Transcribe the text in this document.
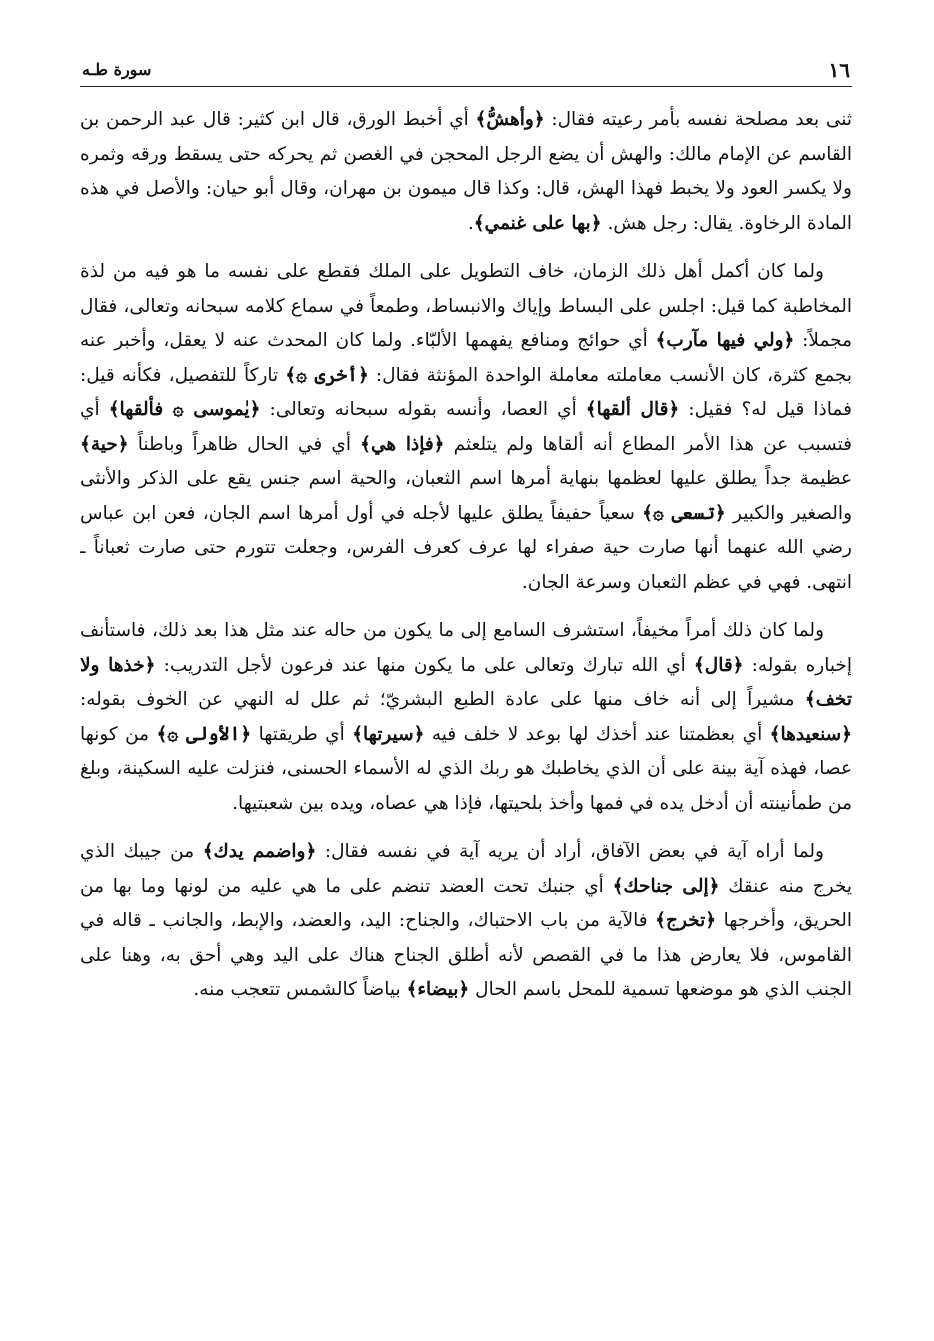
١٦
سورة طـه

ثنى بعد مصلحة نفسه بأمر رعيته فقال: ﴿وأهشُّ﴾ أي أخبط الورق، قال ابن كثير: قال عبد الرحمن بن القاسم عن الإمام مالك: والهش أن يضع الرجل المحجن في الغصن ثم يحركه حتى يسقط ورقه وثمره ولا يكسر العود ولا يخبط فهذا الهش، قال: وكذا قال ميمون بن مهران، وقال أبو حيان: والأصل في هذه المادة الرخاوة. يقال: رجل هش. ﴿بها على غنمي﴾.

ولما كان أكمل أهل ذلك الزمان، خاف التطويل على الملك فقطع على نفسه ما هو فيه من لذة المخاطبة كما قيل: اجلس على البساط وإياك والانبساط، وطمعاً في سماع كلامه سبحانه وتعالى، فقال مجملاً: ﴿ولي فيها مآرب﴾ أي حوائج ومنافع يفهمها الألبّاء. ولما كان المحدث عنه لا يعقل، وأخبر عنه بجمع كثرة، كان الأنسب معاملته معاملة الواحدة المؤنثة فقال: ﴿أخرى ۞﴾ تاركاً للتفصيل، فكأنه قيل: فماذا قيل له؟ فقيل: ﴿قال ألقها﴾ أي العصا، وأنسه بقوله سبحانه وتعالى: ﴿يٰموسى ۞ فألقها﴾ أي فتسبب عن هذا الأمر المطاع أنه ألقاها ولم يتلعثم ﴿فإذا هي﴾ أي في الحال ظاهراً وباطناً ﴿حية﴾ عظيمة جداً يطلق عليها لعظمها بنهاية أمرها اسم الثعبان، والحية اسم جنس يقع على الذكر والأنثى والصغير والكبير ﴿تسعى ۞﴾ سعياً حفيفاً يطلق عليها لأجله في أول أمرها اسم الجان، فعن ابن عباس رضي الله عنهما أنها صارت حية صفراء لها عرف كعرف الفرس، وجعلت تتورم حتى صارت ثعباناً ـ انتهى. فهي في عظم الثعبان وسرعة الجان.

ولما كان ذلك أمراً مخيفاً، استشرف السامع إلى ما يكون من حاله عند مثل هذا بعد ذلك، فاستأنف إخباره بقوله: ﴿قال﴾ أي الله تبارك وتعالى على ما يكون منها عند فرعون لأجل التدريب: ﴿خذها ولا تخف﴾ مشيراً إلى أنه خاف منها على عادة الطبع البشريّ؛ ثم علل له النهي عن الخوف بقوله: ﴿سنعيدها﴾ أي بعظمتنا عند أخذك لها بوعد لا خلف فيه ﴿سيرتها﴾ أي طريقتها ﴿الأولى ۞﴾ من كونها عصا، فهذه آية بينة على أن الذي يخاطبك هو ربك الذي له الأسماء الحسنى، فنزلت عليه السكينة، وبلغ من طمأنينته أن أدخل يده في فمها وأخذ بلحيتها، فإذا هي عصاه، ويده بين شعبتيها.

ولما أراه آية في بعض الآفاق، أراد أن يريه آية في نفسه فقال: ﴿واضمم يدك﴾ من جيبك الذي يخرج منه عنقك ﴿إلى جناحك﴾ أي جنبك تحت العضد تنضم على ما هي عليه من لونها وما بها من الحريق، وأخرجها ﴿تخرج﴾ فالآية من باب الاحتباك، والجناح: اليد، والعضد، والإبط، والجانب ـ قاله في القاموس، فلا يعارض هذا ما في القصص لأنه أطلق الجناح هناك على اليد وهي أحق به، وهنا على الجنب الذي هو موضعها تسمية للمحل باسم الحال ﴿بيضاء﴾ بياضاً كالشمس تتعجب منه.
